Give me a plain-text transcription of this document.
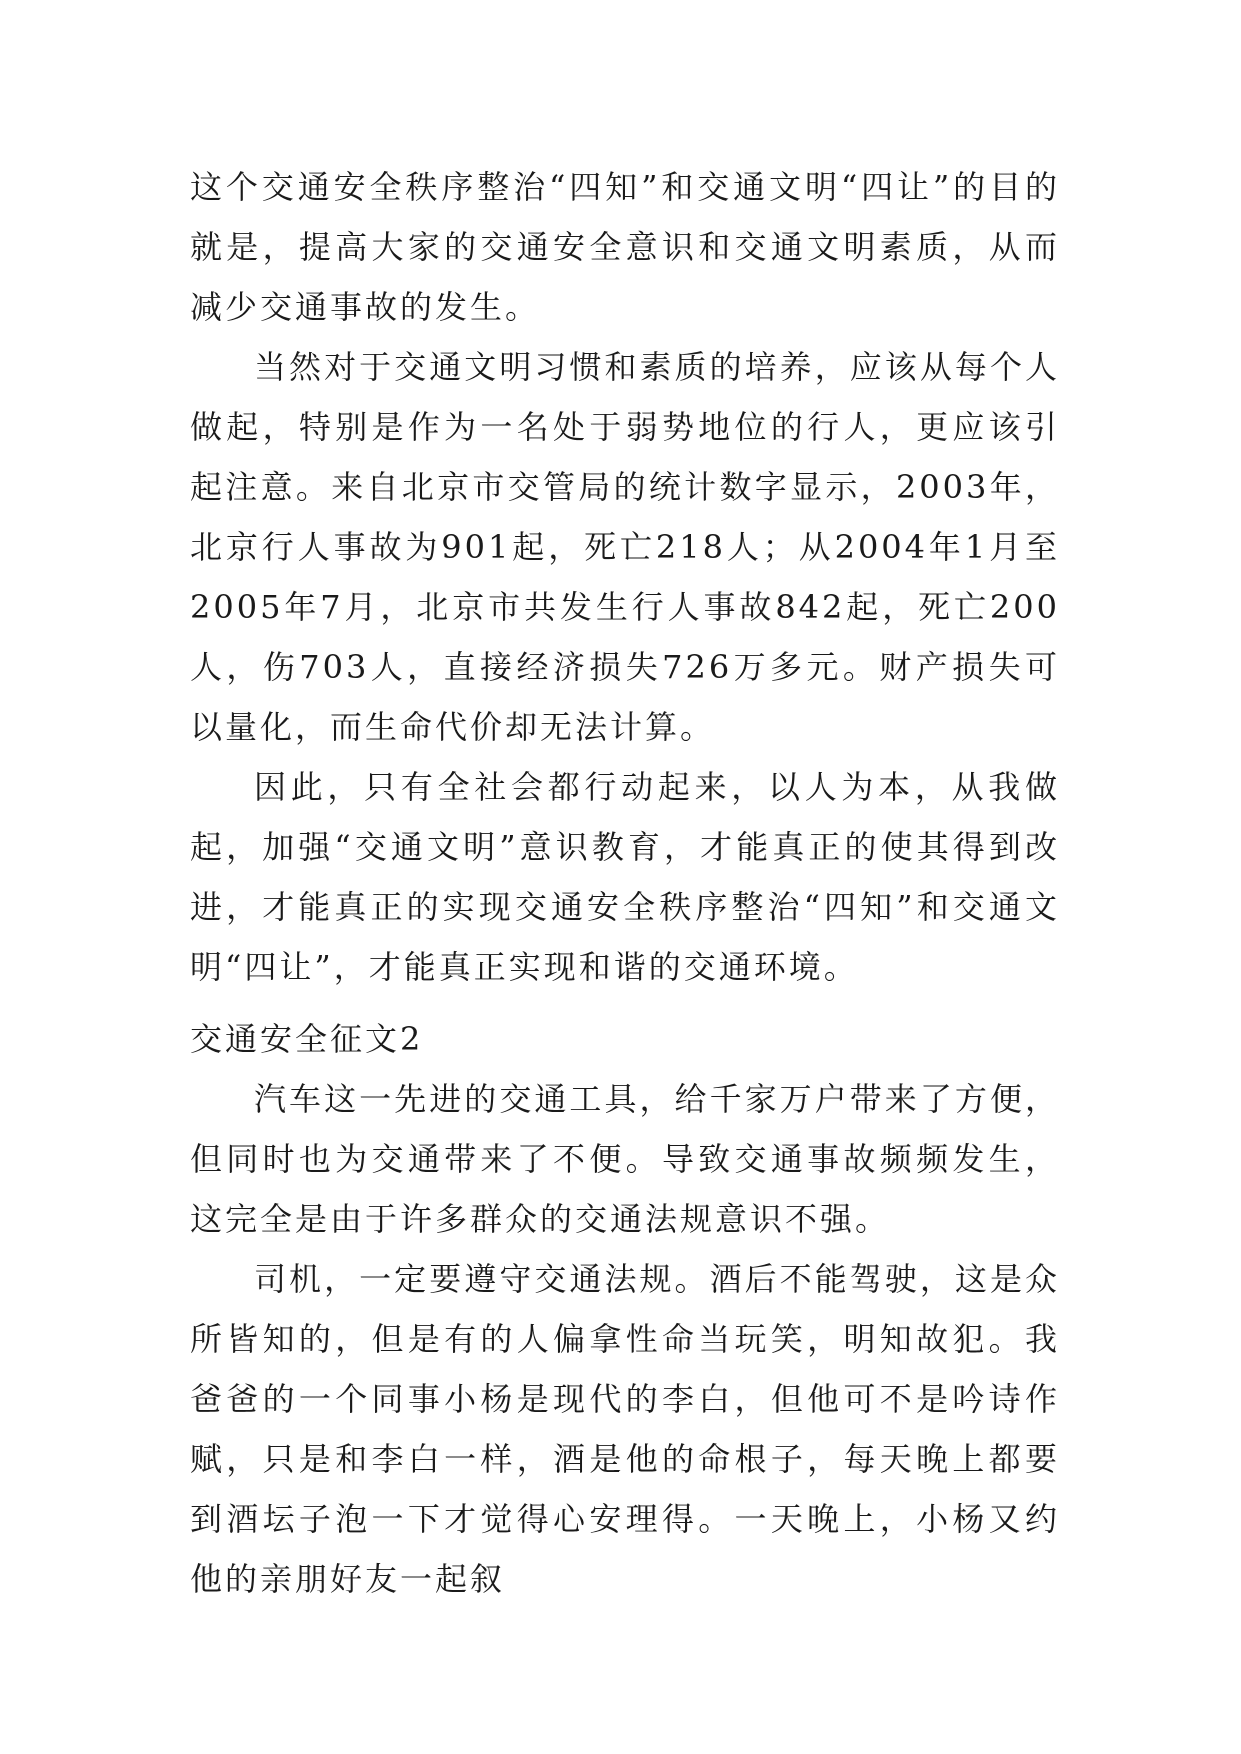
这个交通安全秩序整治“四知”和交通文明“四让”的目的就是，提高大家的交通安全意识和交通文明素质，从而减少交通事故的发生。

当然对于交通文明习惯和素质的培养，应该从每个人做起，特别是作为一名处于弱势地位的行人，更应该引起注意。来自北京市交管局的统计数字显示，2003年，北京行人事故为901起，死亡218人；从2004年1月至2005年7月，北京市共发生行人事故842起，死亡200人，伤703人，直接经济损失726万多元。财产损失可以量化，而生命代价却无法计算。

因此，只有全社会都行动起来，以人为本，从我做起，加强“交通文明”意识教育，才能真正的使其得到改进，才能真正的实现交通安全秩序整治“四知”和交通文明“四让”，才能真正实现和谐的交通环境。

交通安全征文2

汽车这一先进的交通工具，给千家万户带来了方便，但同时也为交通带来了不便。导致交通事故频频发生，这完全是由于许多群众的交通法规意识不强。

司机，一定要遵守交通法规。酒后不能驾驶，这是众所皆知的，但是有的人偏拿性命当玩笑，明知故犯。我爸爸的一个同事小杨是现代的李白，但他可不是吟诗作赋，只是和李白一样，酒是他的命根子，每天晚上都要到酒坛子泡一下才觉得心安理得。一天晚上，小杨又约他的亲朋好友一起叙
